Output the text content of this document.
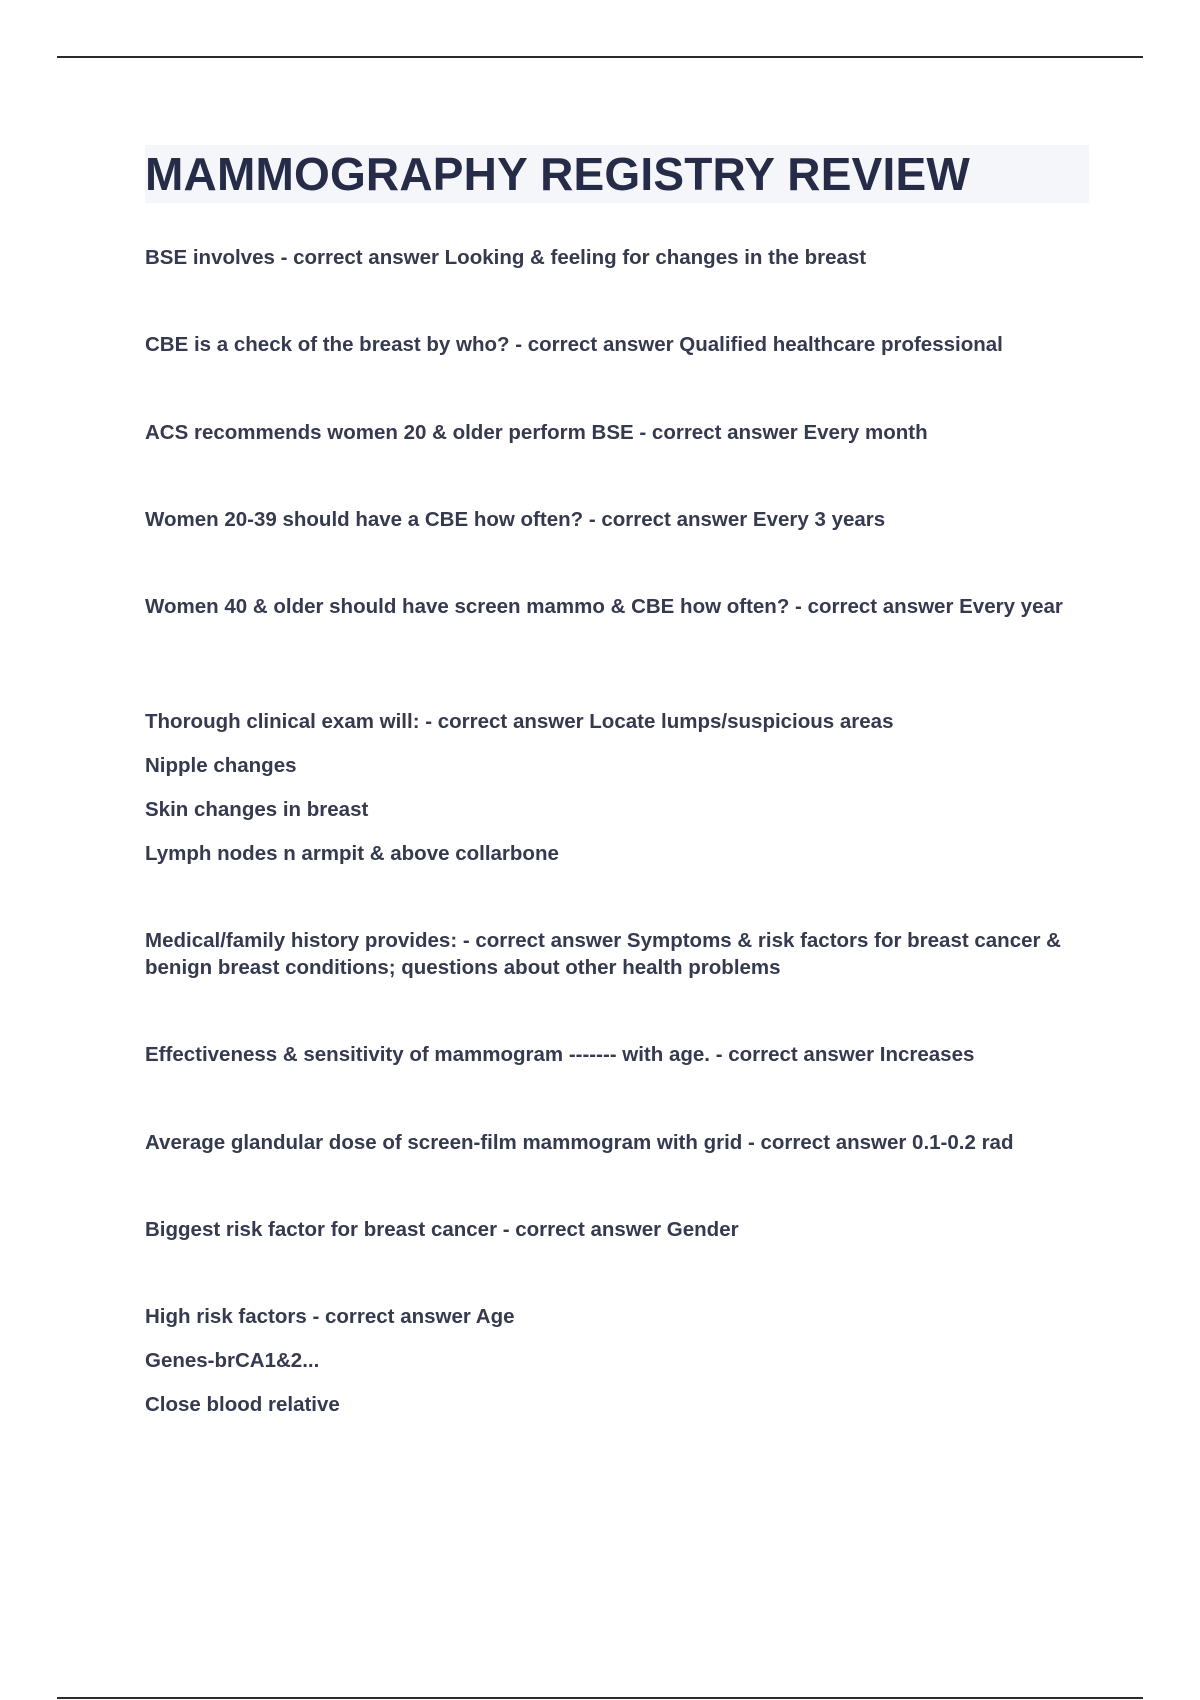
MAMMOGRAPHY REGISTRY REVIEW
BSE involves - correct answer Looking & feeling for changes in the breast
CBE is a check of the breast by who? - correct answer Qualified healthcare professional
ACS recommends women 20 & older perform BSE - correct answer Every month
Women 20-39 should have a CBE how often? - correct answer Every 3 years
Women 40 & older should have screen mammo & CBE how often? - correct answer Every year
Thorough clinical exam will: - correct answer Locate lumps/suspicious areas
Nipple changes
Skin changes in breast
Lymph nodes n armpit & above collarbone
Medical/family history provides: - correct answer Symptoms & risk factors for breast cancer & benign breast conditions; questions about other health problems
Effectiveness & sensitivity of mammogram ------- with age. - correct answer Increases
Average glandular dose of screen-film mammogram with grid - correct answer 0.1-0.2 rad
Biggest risk factor for breast cancer - correct answer Gender
High risk factors - correct answer Age
Genes-brCA1&2...
Close blood relative
